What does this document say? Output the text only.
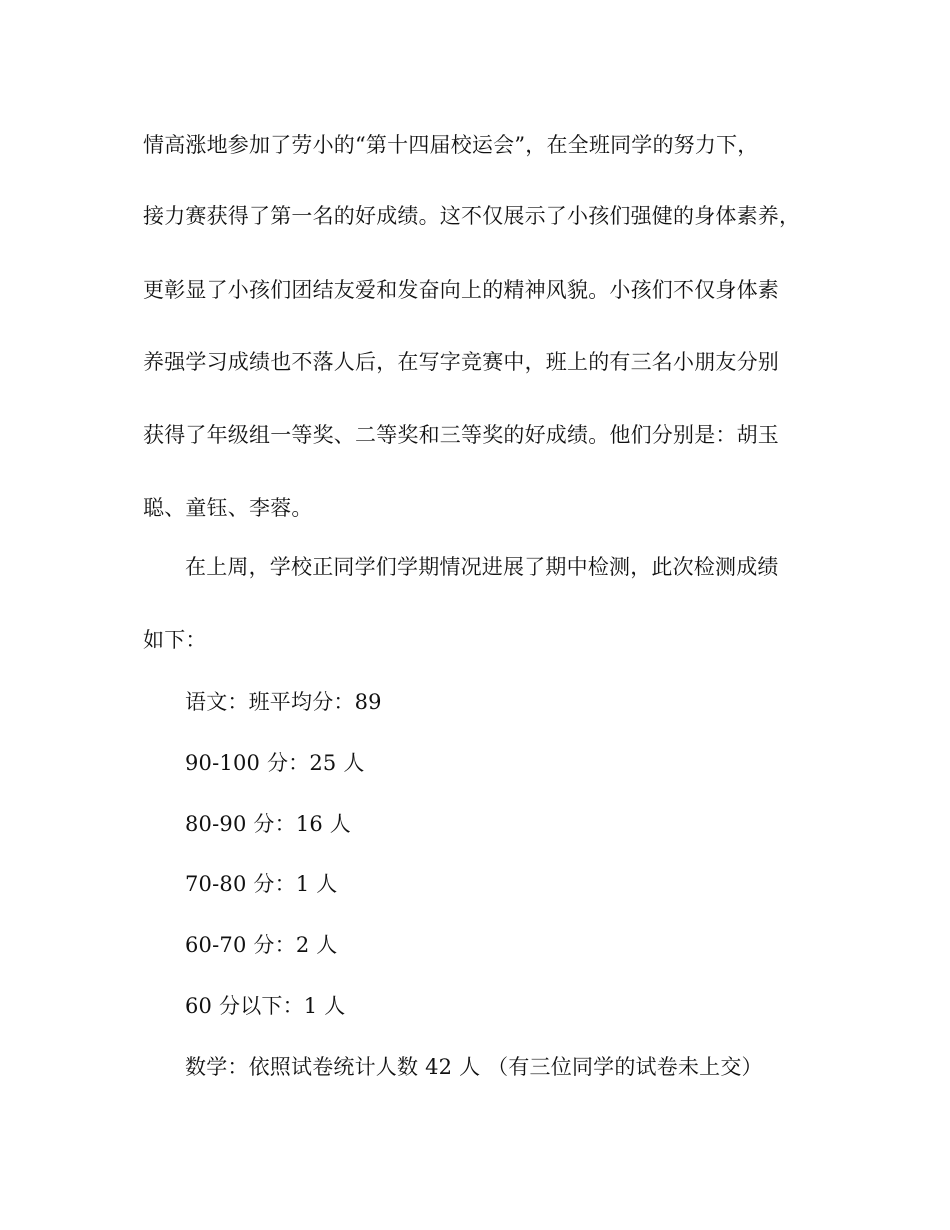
情高涨地参加了劳小的“第十四届校运会”，在全班同学的努力下，
接力赛获得了第一名的好成绩。这不仅展示了小孩们强健的身体素养，
更彰显了小孩们团结友爱和发奋向上的精神风貌。小孩们不仅身体素
养强学习成绩也不落人后，在写字竞赛中，班上的有三名小朋友分别
获得了年级组一等奖、二等奖和三等奖的好成绩。他们分别是：胡玉
聪、童钰、李蓉。
在上周，学校正同学们学期情况进展了期中检测，此次检测成绩
如下：
语文：班平均分：89
90-100 分：25 人
80-90 分：16 人
70-80 分：1 人
60-70 分：2 人
60 分以下：1 人
数学：依照试卷统计人数 42 人 （有三位同学的试卷未上交）
